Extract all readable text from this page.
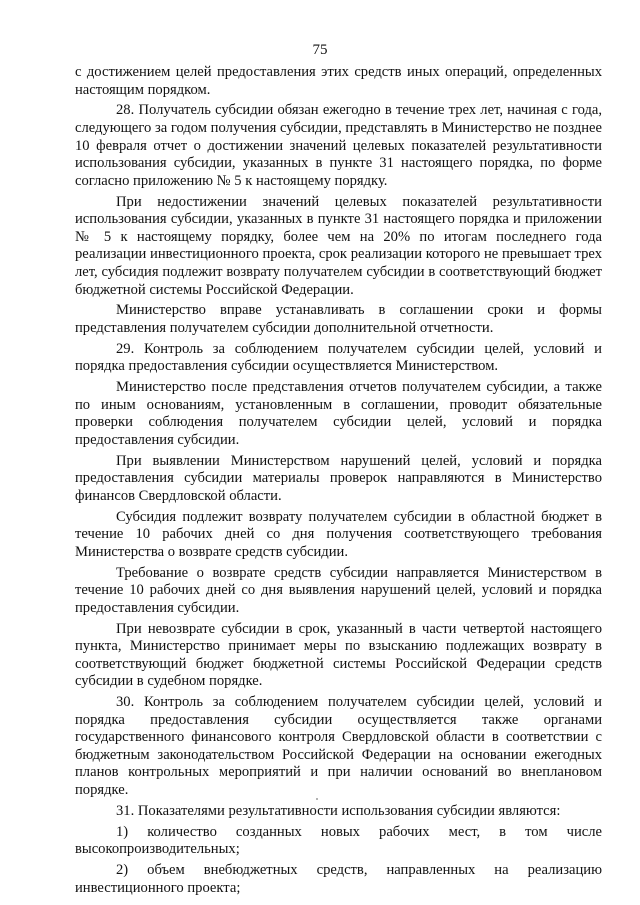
75

с достижением целей предоставления этих средств иных операций, определенных настоящим порядком.

28. Получатель субсидии обязан ежегодно в течение трех лет, начиная с года, следующего за годом получения субсидии, представлять в Министерство не позднее 10 февраля отчет о достижении значений целевых показателей результативности использования субсидии, указанных в пункте 31 настоящего порядка, по форме согласно приложению № 5 к настоящему порядку.

При недостижении значений целевых показателей результативности использования субсидии, указанных в пункте 31 настоящего порядка и приложении № 5 к настоящему порядку, более чем на 20% по итогам последнего года реализации инвестиционного проекта, срок реализации которого не превышает трех лет, субсидия подлежит возврату получателем субсидии в соответствующий бюджет бюджетной системы Российской Федерации.

Министерство вправе устанавливать в соглашении сроки и формы представления получателем субсидии дополнительной отчетности.

29. Контроль за соблюдением получателем субсидии целей, условий и порядка предоставления субсидии осуществляется Министерством.

Министерство после представления отчетов получателем субсидии, а также по иным основаниям, установленным в соглашении, проводит обязательные проверки соблюдения получателем субсидии целей, условий и порядка предоставления субсидии.

При выявлении Министерством нарушений целей, условий и порядка предоставления субсидии материалы проверок направляются в Министерство финансов Свердловской области.

Субсидия подлежит возврату получателем субсидии в областной бюджет в течение 10 рабочих дней со дня получения соответствующего требования Министерства о возврате средств субсидии.

Требование о возврате средств субсидии направляется Министерством в течение 10 рабочих дней со дня выявления нарушений целей, условий и порядка предоставления субсидии.

При невозврате субсидии в срок, указанный в части четвертой настоящего пункта, Министерство принимает меры по взысканию подлежащих возврату в соответствующий бюджет бюджетной системы Российской Федерации средств субсидии в судебном порядке.

30. Контроль за соблюдением получателем субсидии целей, условий и порядка предоставления субсидии осуществляется также органами государственного финансового контроля Свердловской области в соответствии с бюджетным законодательством Российской Федерации на основании ежегодных планов контрольных мероприятий и при наличии оснований во внеплановом порядке.

31. Показателями результативности использования субсидии являются:

1) количество созданных новых рабочих мест, в том числе высокопроизводительных;

2) объем внебюджетных средств, направленных на реализацию инвестиционного проекта;
